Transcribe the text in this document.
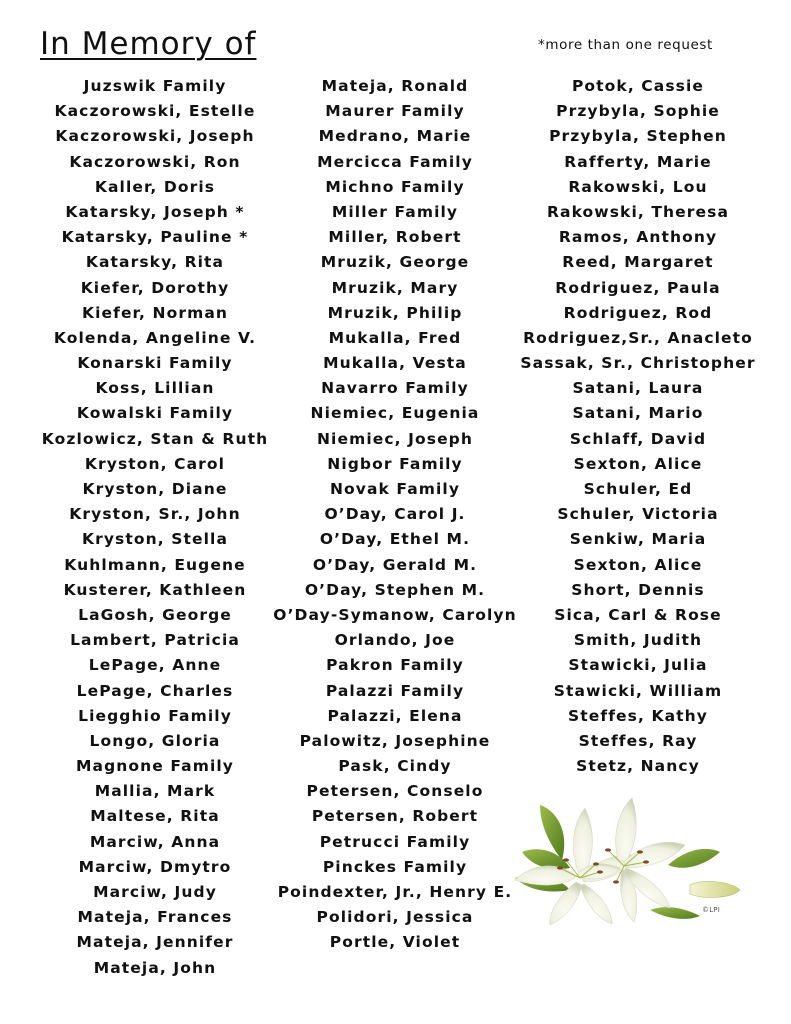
In Memory of	*more than one request
Juzswik Family
Kaczorowski, Estelle
Kaczorowski, Joseph
Kaczorowski, Ron
Kaller, Doris
Katarsky, Joseph *
Katarsky, Pauline *
Katarsky, Rita
Kiefer, Dorothy
Kiefer, Norman
Kolenda, Angeline V.
Konarski Family
Koss, Lillian
Kowalski Family
Kozlowicz, Stan & Ruth
Kryston, Carol
Kryston, Diane
Kryston, Sr., John
Kryston, Stella
Kuhlmann, Eugene
Kusterer, Kathleen
LaGosh, George
Lambert, Patricia
LePage, Anne
LePage, Charles
Liegghio Family
Longo, Gloria
Magnone Family
Mallia, Mark
Maltese, Rita
Marciw, Anna
Marciw, Dmytro
Marciw, Judy
Mateja, Frances
Mateja, Jennifer
Mateja, John
Mateja, Ronald
Maurer Family
Medrano, Marie
Mercicca Family
Michno Family
Miller Family
Miller, Robert
Mruzik, George
Mruzik, Mary
Mruzik, Philip
Mukalla, Fred
Mukalla, Vesta
Navarro Family
Niemiec, Eugenia
Niemiec, Joseph
Nigbor Family
Novak Family
O’Day, Carol J.
O’Day, Ethel M.
O’Day, Gerald M.
O’Day, Stephen M.
O’Day-Symanow, Carolyn
Orlando, Joe
Pakron Family
Palazzi Family
Palazzi, Elena
Palowitz, Josephine
Pask, Cindy
Petersen, Conselo
Petersen, Robert
Petrucci Family
Pinckes Family
Poindexter, Jr., Henry E.
Polidori, Jessica
Portle, Violet
Potok, Cassie
Przybyla, Sophie
Przybyla, Stephen
Rafferty, Marie
Rakowski, Lou
Rakowski, Theresa
Ramos, Anthony
Reed, Margaret
Rodriguez, Paula
Rodriguez, Rod
Rodriguez,Sr., Anacleto
Sassak, Sr., Christopher
Satani, Laura
Satani, Mario
Schlaff, David
Sexton, Alice
Schuler, Ed
Schuler, Victoria
Senkiw, Maria
Sexton, Alice
Short, Dennis
Sica, Carl & Rose
Smith, Judith
Stawicki, Julia
Stawicki, William
Steffes, Kathy
Steffes, Ray
Stetz, Nancy
©LPI
